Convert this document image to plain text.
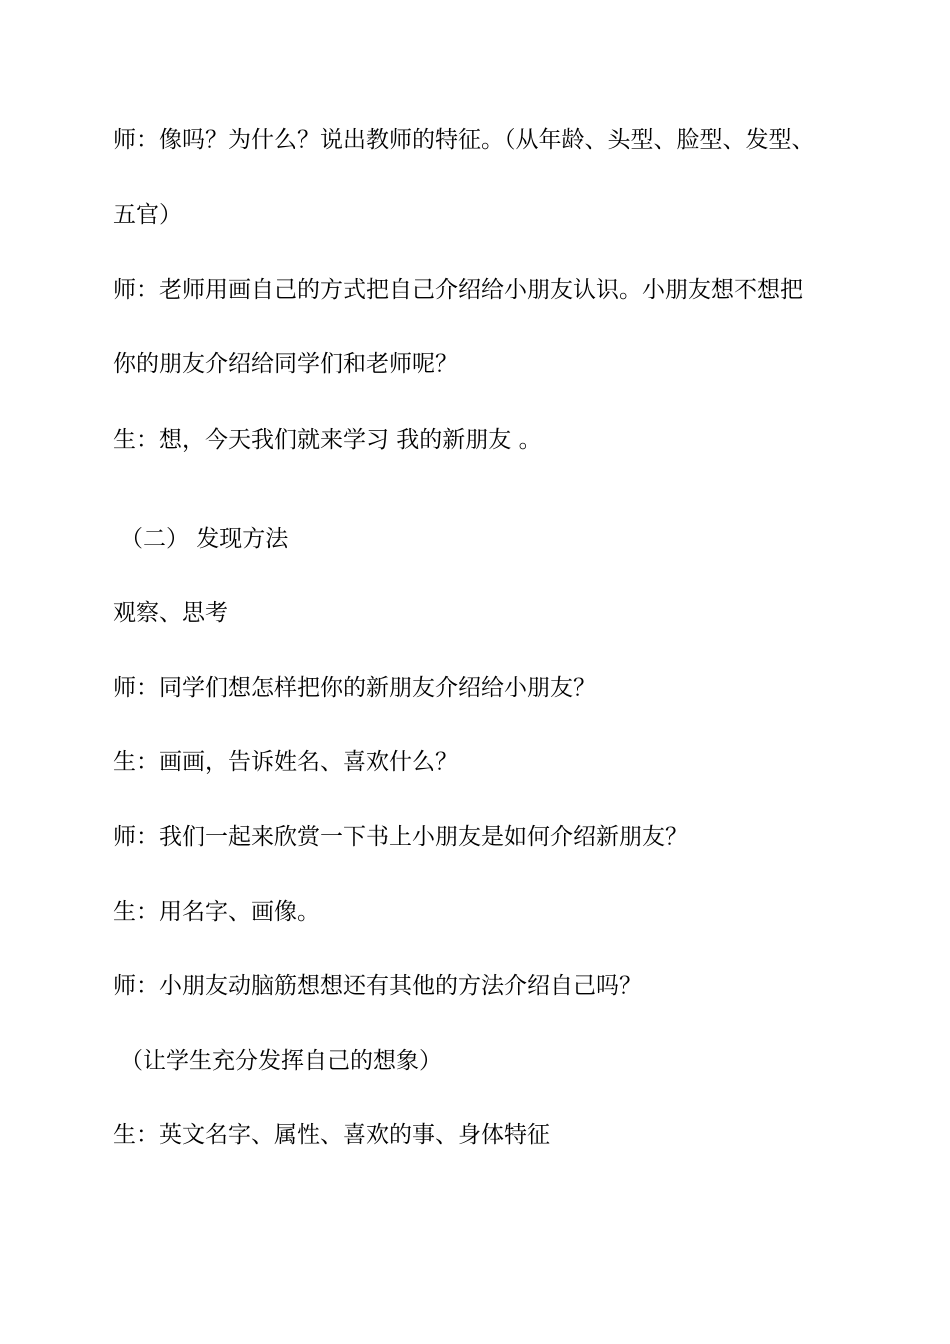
师：像吗？为什么？说出教师的特征。（从年龄、头型、脸型、发型、
五官）
师：老师用画自己的方式把自己介绍给小朋友认识。小朋友想不想把
你的朋友介绍给同学们和老师呢？
生：想，今天我们就来学习 我的新朋友 。
（二） 发现方法
观察、思考
师：同学们想怎样把你的新朋友介绍给小朋友？
生：画画，告诉姓名、喜欢什么？
师：我们一起来欣赏一下书上小朋友是如何介绍新朋友？
生：用名字、画像。
师：小朋友动脑筋想想还有其他的方法介绍自己吗？
（让学生充分发挥自己的想象）
生：英文名字、属性、喜欢的事、身体特征
